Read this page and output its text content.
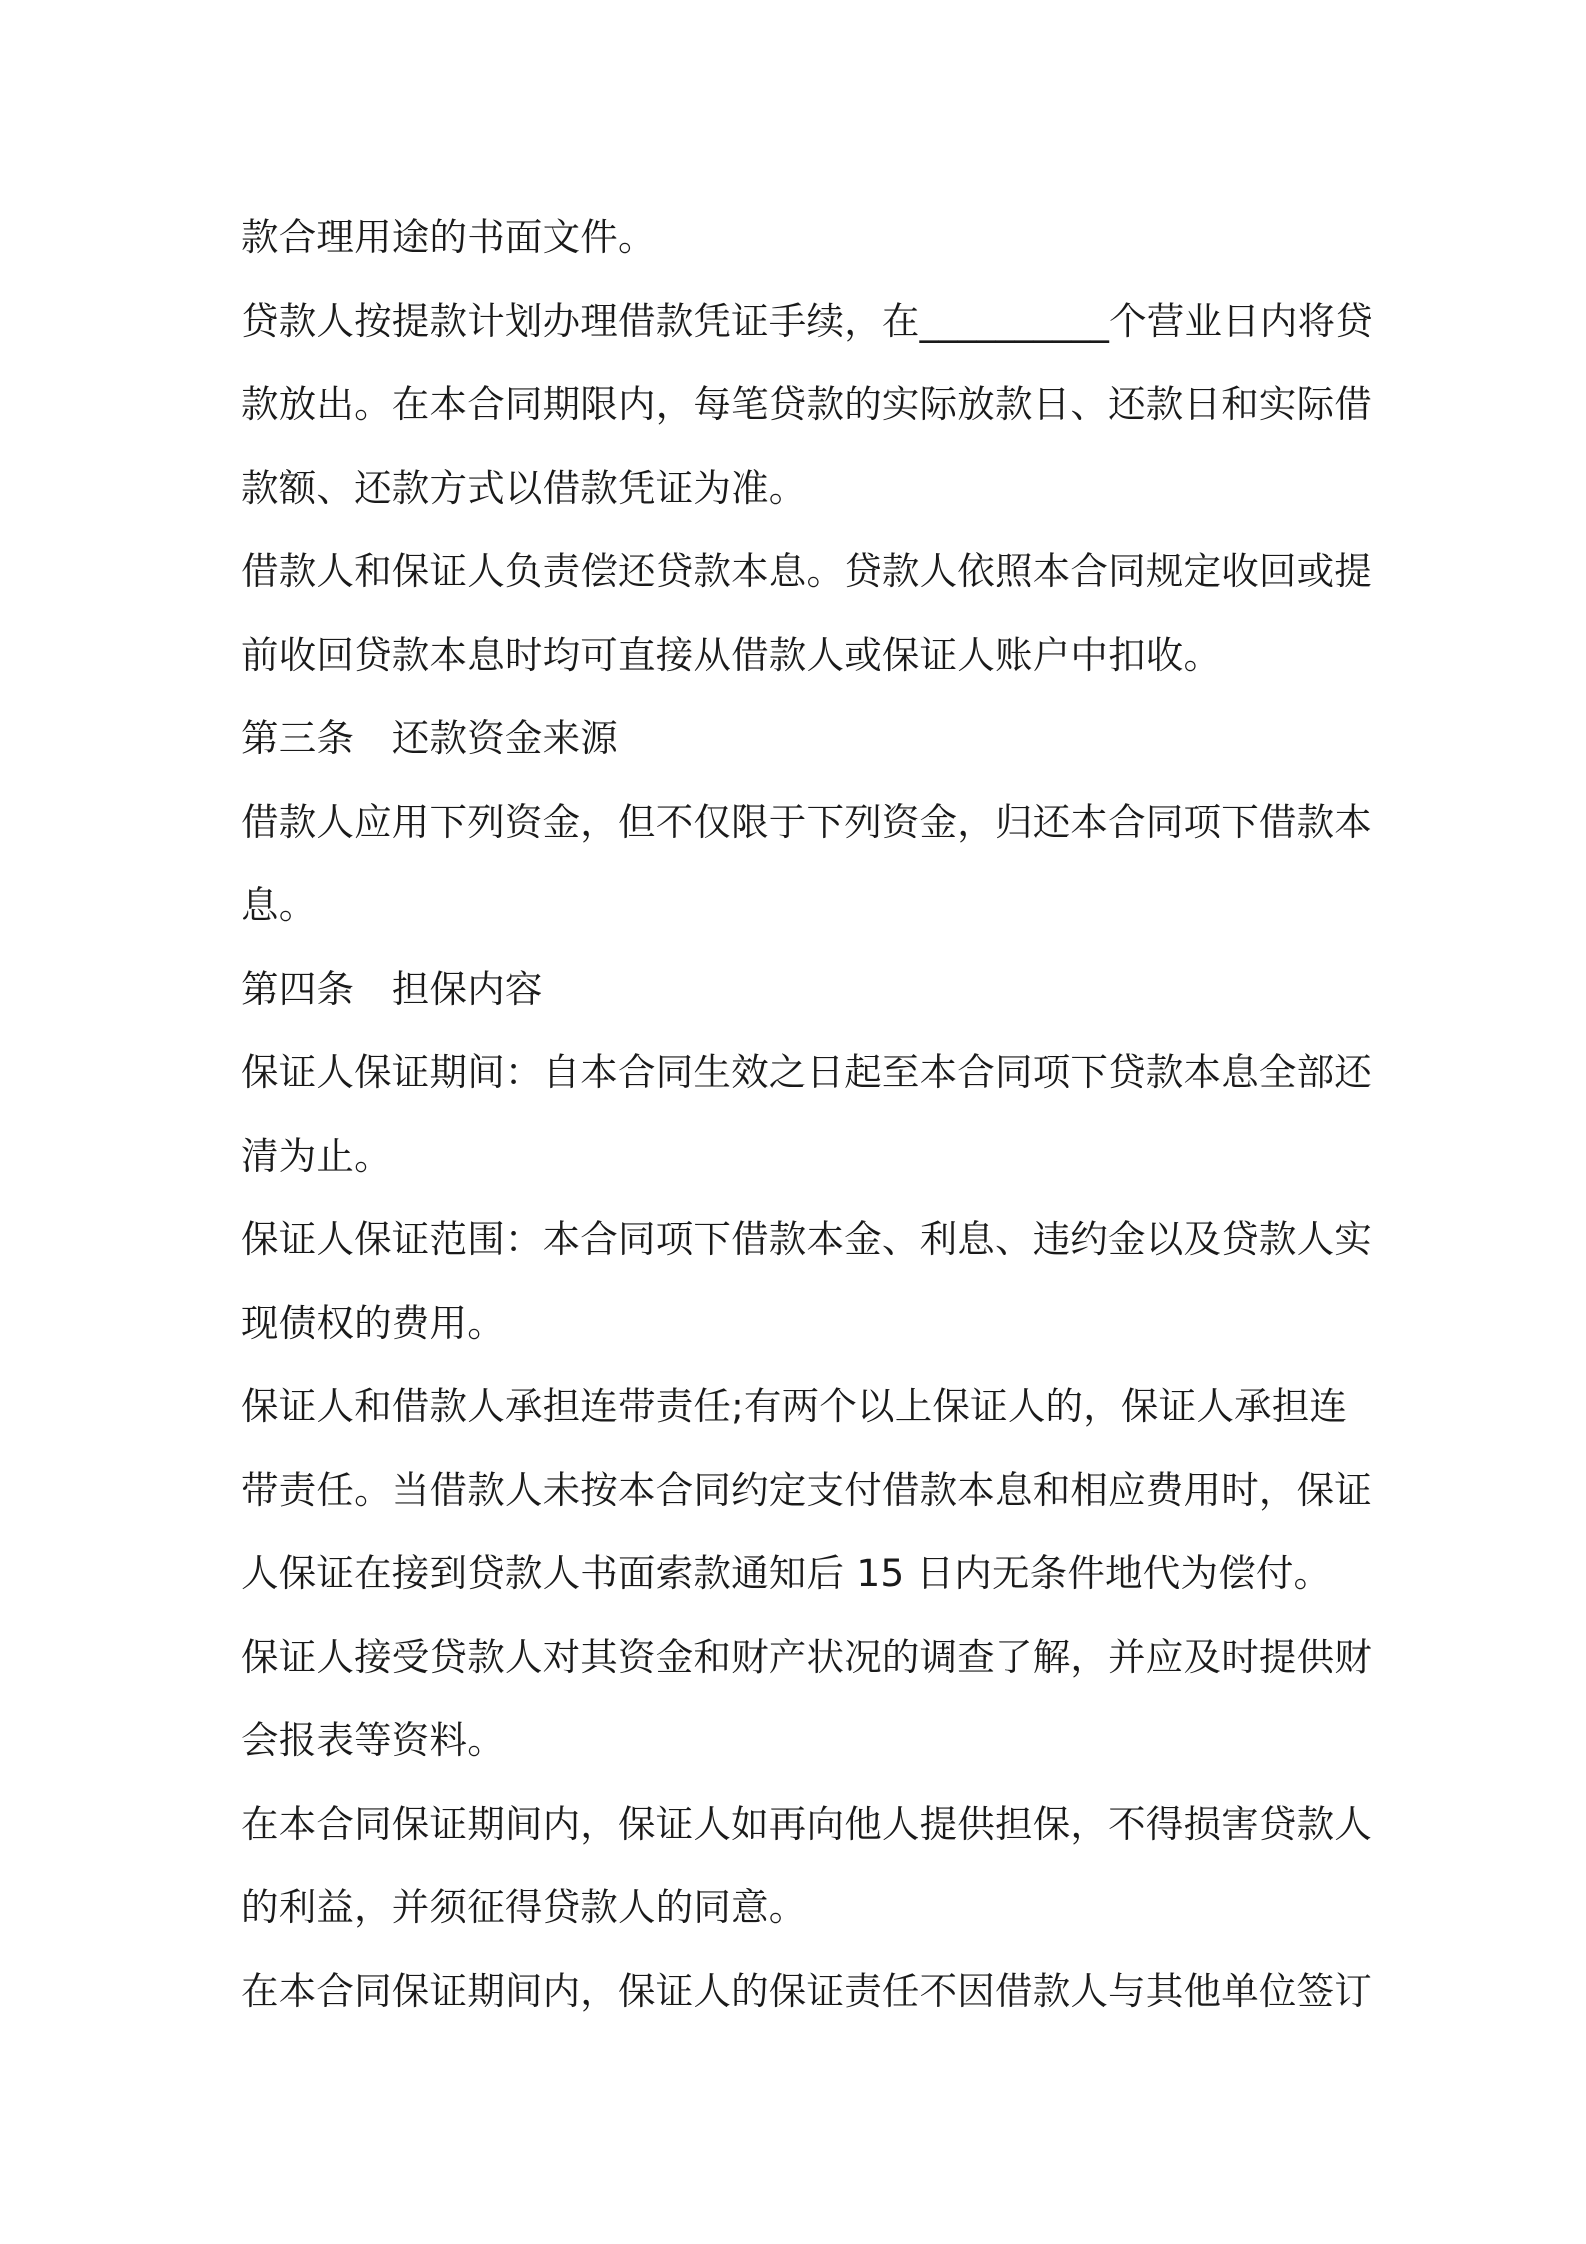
款合理用途的书面文件。
贷款人按提款计划办理借款凭证手续，在__________个营业日内将贷
款放出。在本合同期限内，每笔贷款的实际放款日、还款日和实际借
款额、还款方式以借款凭证为准。
借款人和保证人负责偿还贷款本息。贷款人依照本合同规定收回或提
前收回贷款本息时均可直接从借款人或保证人账户中扣收。
第三条　还款资金来源
借款人应用下列资金，但不仅限于下列资金，归还本合同项下借款本
息。
第四条　担保内容
保证人保证期间：自本合同生效之日起至本合同项下贷款本息全部还
清为止。
保证人保证范围：本合同项下借款本金、利息、违约金以及贷款人实
现债权的费用。
保证人和借款人承担连带责任;有两个以上保证人的，保证人承担连
带责任。当借款人未按本合同约定支付借款本息和相应费用时，保证
人保证在接到贷款人书面索款通知后 15 日内无条件地代为偿付。
保证人接受贷款人对其资金和财产状况的调查了解，并应及时提供财
会报表等资料。
在本合同保证期间内，保证人如再向他人提供担保，不得损害贷款人
的利益，并须征得贷款人的同意。
在本合同保证期间内，保证人的保证责任不因借款人与其他单位签订
